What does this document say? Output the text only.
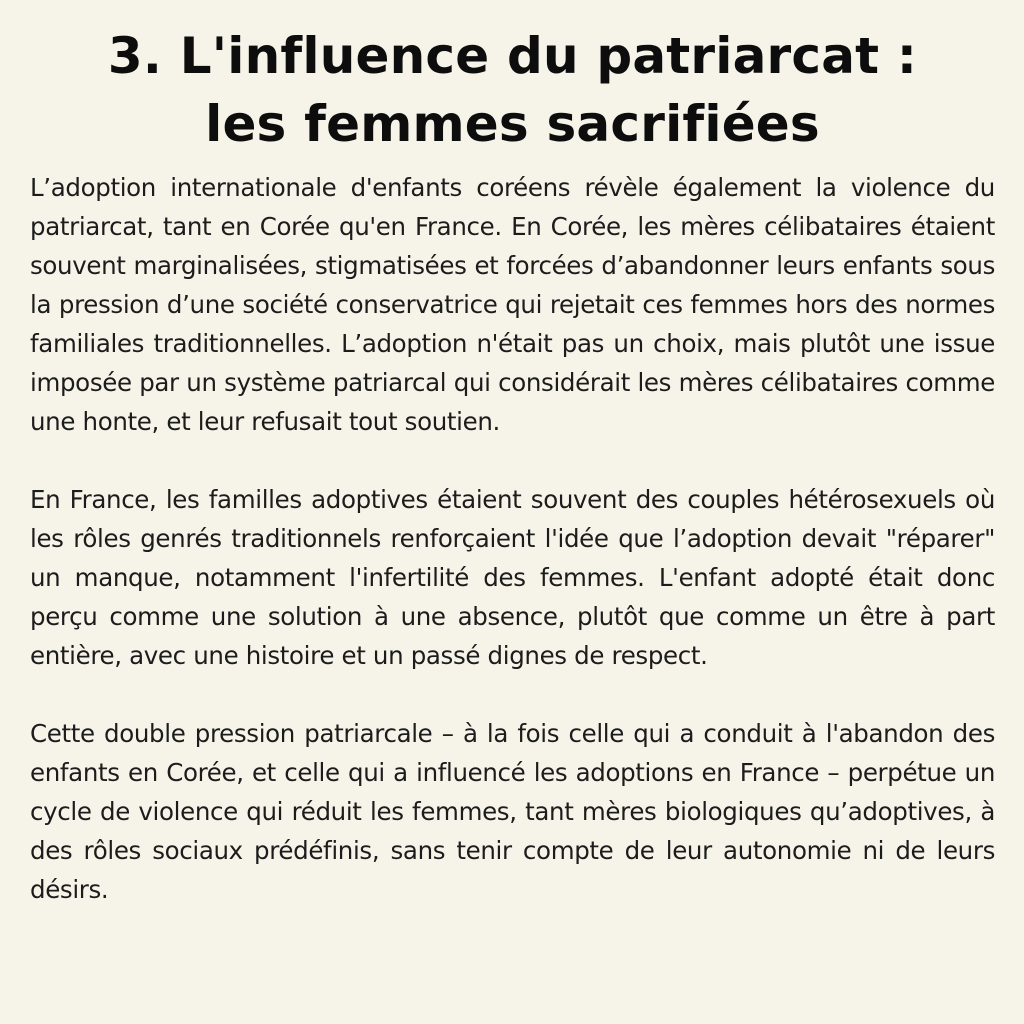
3. L'influence du patriarcat :
les femmes sacrifiées

L’adoption internationale d'enfants coréens révèle également la violence du patriarcat, tant en Corée qu'en France. En Corée, les mères célibataires étaient souvent marginalisées, stigmatisées et forcées d’abandonner leurs enfants sous la pression d’une société conservatrice qui rejetait ces femmes hors des normes familiales traditionnelles. L’adoption n'était pas un choix, mais plutôt une issue imposée par un système patriarcal qui considérait les mères célibataires comme une honte, et leur refusait tout soutien.

En France, les familles adoptives étaient souvent des couples hétérosexuels où les rôles genrés traditionnels renforçaient l'idée que l’adoption devait "réparer" un manque, notamment l'infertilité des femmes. L'enfant adopté était donc perçu comme une solution à une absence, plutôt que comme un être à part entière, avec une histoire et un passé dignes de respect.

Cette double pression patriarcale – à la fois celle qui a conduit à l'abandon des enfants en Corée, et celle qui a influencé les adoptions en France – perpétue un cycle de violence qui réduit les femmes, tant mères biologiques qu’adoptives, à des rôles sociaux prédéfinis, sans tenir compte de leur autonomie ni de leurs désirs.
